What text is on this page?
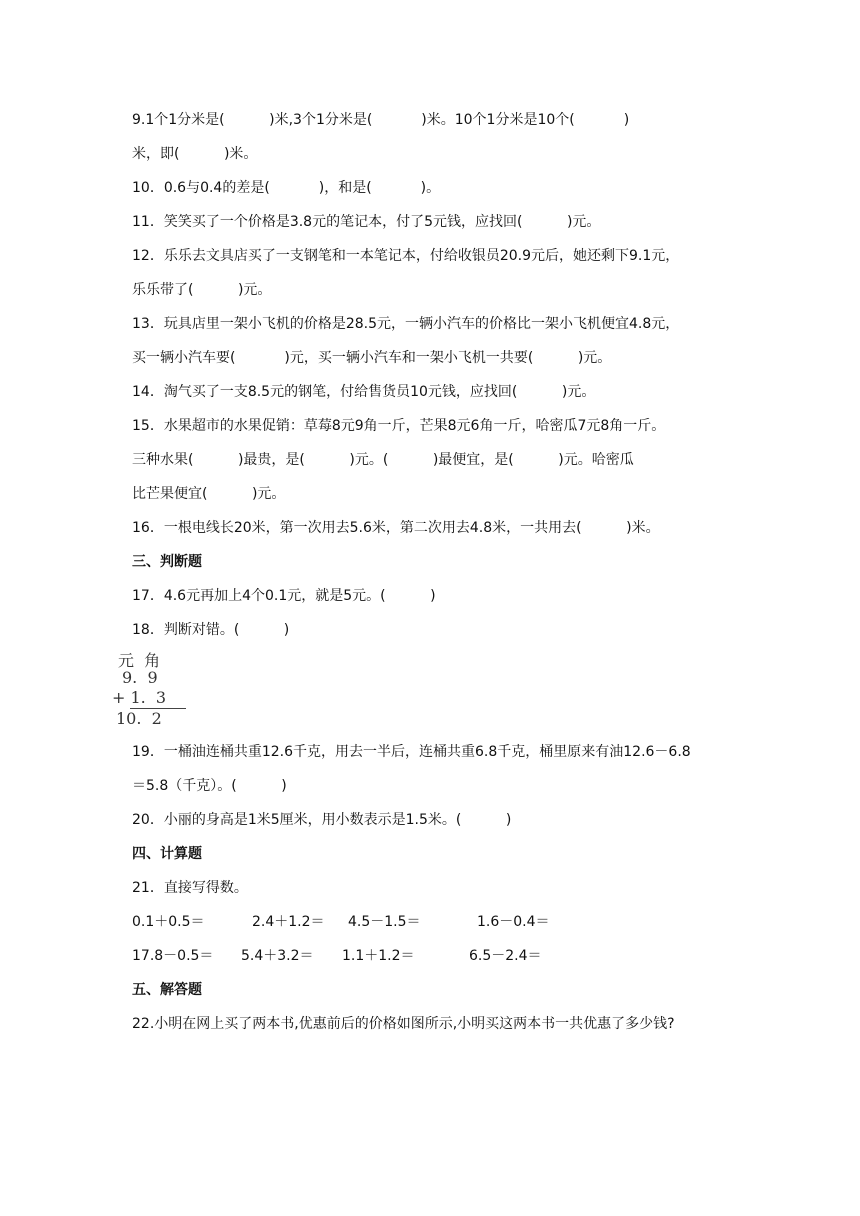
9.1个1分米是(          )米,3个1分米是(           )米。10个1分米是10个(           )
米，即(          )米。
10．0.6与0.4的差是(           )，和是(           )。
11．笑笑买了一个价格是3.8元的笔记本，付了5元钱，应找回(          )元。
12．乐乐去文具店买了一支钢笔和一本笔记本，付给收银员20.9元后，她还剩下9.1元，
乐乐带了(          )元。
13．玩具店里一架小飞机的价格是28.5元，一辆小汽车的价格比一架小飞机便宜4.8元，
买一辆小汽车要(           )元，买一辆小汽车和一架小飞机一共要(          )元。
14．淘气买了一支8.5元的钢笔，付给售货员10元钱，应找回(          )元。
15．水果超市的水果促销：草莓8元9角一斤，芒果8元6角一斤，哈密瓜7元8角一斤。
三种水果(          )最贵，是(          )元。(          )最便宜，是(          )元。哈密瓜
比芒果便宜(          )元。
16．一根电线长20米，第一次用去5.6米，第二次用去4.8米，一共用去(          )米。
三、判断题
17．4.6元再加上4个0.1元，就是5元。(          )
18．判断对错。(          )
元  角
9.  9
+ 1.  3
10.  2
19．一桶油连桶共重12.6千克，用去一半后，连桶共重6.8千克，桶里原来有油12.6－6.8
＝5.8（千克）。(          )
20．小丽的身高是1米5厘米，用小数表示是1.5米。(          )
四、计算题
21．直接写得数。
0.1＋0.5＝	2.4＋1.2＝ 4.5－1.5＝	1.6－0.4＝
17.8－0.5＝ 5.4＋3.2＝ 1.1＋1.2＝	6.5－2.4＝
五、解答题
22.小明在网上买了两本书,优惠前后的价格如图所示,小明买这两本书一共优惠了多少钱?
